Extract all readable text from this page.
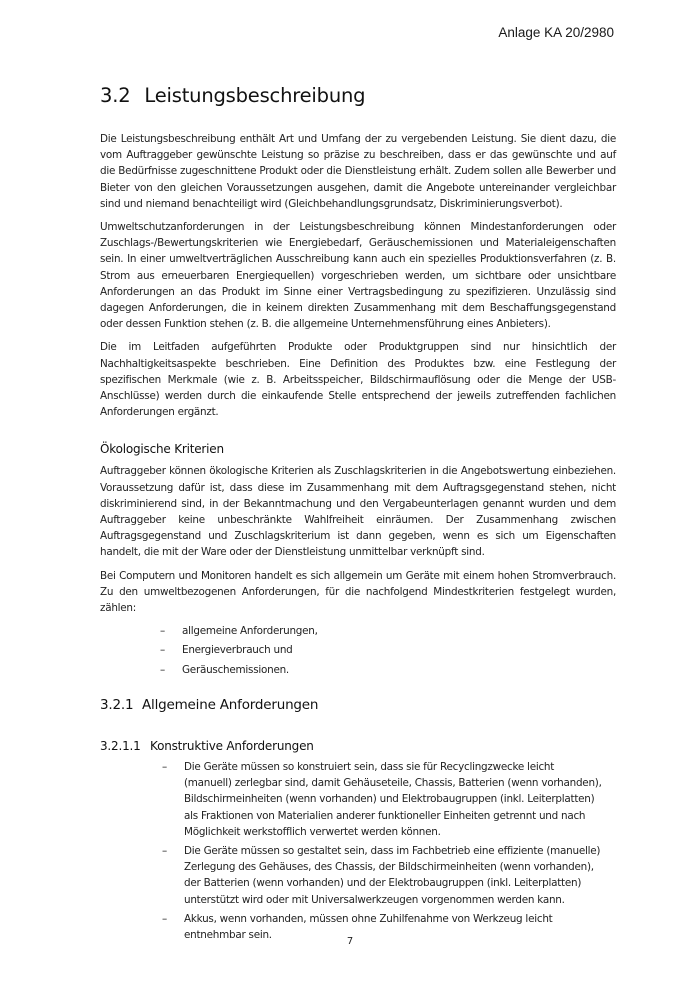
Anlage KA 20/2980
3.2 Leistungsbeschreibung

Die Leistungsbeschreibung enthält Art und Umfang der zu vergebenden Leistung. Sie dient dazu, die vom Auftraggeber gewünschte Leistung so präzise zu beschreiben, dass er das gewünschte und auf die Bedürfnisse zugeschnittene Produkt oder die Dienstleistung erhält. Zudem sollen alle Bewerber und Bieter von den gleichen Voraussetzungen ausgehen, damit die Angebote untereinander vergleichbar sind und niemand benachteiligt wird (Gleichbehandlungsgrundsatz, Diskriminierungsverbot).

Umweltschutzanforderungen in der Leistungsbeschreibung können Mindestanforderungen oder Zuschlags-/Bewertungskriterien wie Energiebedarf, Geräuschemissionen und Materialeigenschaften sein. In einer umweltverträglichen Ausschreibung kann auch ein spezielles Produktionsverfahren (z. B. Strom aus erneuerbaren Energiequellen) vorgeschrieben werden, um sichtbare oder unsichtbare Anforderungen an das Produkt im Sinne einer Vertragsbedingung zu spezifizieren. Unzulässig sind dagegen Anforderungen, die in keinem direkten Zusammenhang mit dem Beschaffungsgegenstand oder dessen Funktion stehen (z. B. die allgemeine Unternehmensführung eines Anbieters).

Die im Leitfaden aufgeführten Produkte oder Produktgruppen sind nur hinsichtlich der Nachhaltigkeitsaspekte beschrieben. Eine Definition des Produktes bzw. eine Festlegung der spezifischen Merkmale (wie z. B. Arbeitsspeicher, Bildschirmauflösung oder die Menge der USB-Anschlüsse) werden durch die einkaufende Stelle entsprechend der jeweils zutreffenden fachlichen Anforderungen ergänzt.

Ökologische Kriterien

Auftraggeber können ökologische Kriterien als Zuschlagskriterien in die Angebotswertung einbeziehen. Voraussetzung dafür ist, dass diese im Zusammenhang mit dem Auftragsgegenstand stehen, nicht diskriminierend sind, in der Bekanntmachung und den Vergabeunterlagen genannt wurden und dem Auftraggeber keine unbeschränkte Wahlfreiheit einräumen. Der Zusammenhang zwischen Auftragsgegenstand und Zuschlagskriterium ist dann gegeben, wenn es sich um Eigenschaften handelt, die mit der Ware oder der Dienstleistung unmittelbar verknüpft sind.

Bei Computern und Monitoren handelt es sich allgemein um Geräte mit einem hohen Stromverbrauch. Zu den umweltbezogenen Anforderungen, für die nachfolgend Mindestkriterien festgelegt wurden, zählen:

– allgemeine Anforderungen,
– Energieverbrauch und
– Geräuschemissionen.
3.2.1 Allgemeine Anforderungen
3.2.1.1 Konstruktive Anforderungen
– Die Geräte müssen so konstruiert sein, dass sie für Recyclingzwecke leicht (manuell) zerlegbar sind, damit Gehäuseteile, Chassis, Batterien (wenn vorhanden), Bildschirmeinheiten (wenn vorhanden) und Elektrobaugruppen (inkl. Leiterplatten) als Fraktionen von Materialien anderer funktioneller Einheiten getrennt und nach Möglichkeit werkstofflich verwertet werden können.
– Die Geräte müssen so gestaltet sein, dass im Fachbetrieb eine effiziente (manuelle) Zerlegung des Gehäuses, des Chassis, der Bildschirmeinheiten (wenn vorhanden), der Batterien (wenn vorhanden) und der Elektrobaugruppen (inkl. Leiterplatten) unterstützt wird oder mit Universalwerkzeugen vorgenommen werden kann.
– Akkus, wenn vorhanden, müssen ohne Zuhilfenahme von Werkzeug leicht entnehmbar sein.
7
